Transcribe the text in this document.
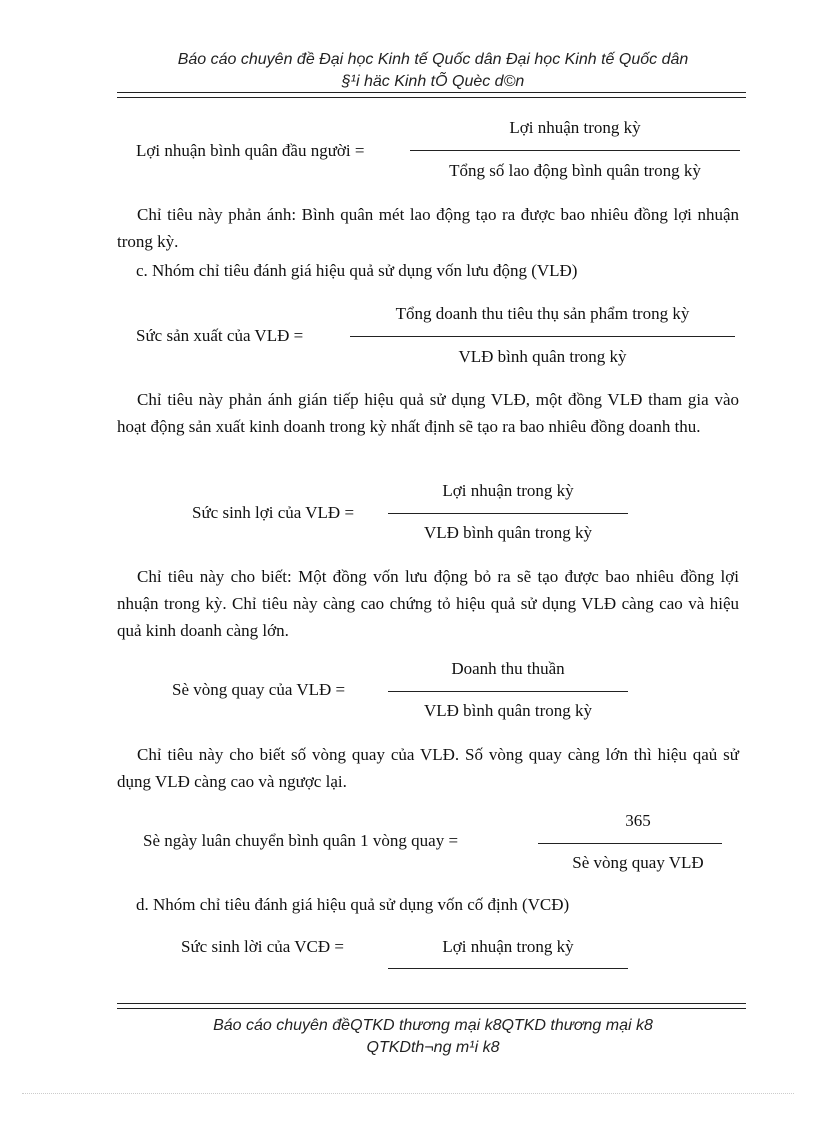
Báo cáo chuyên đề Đại học Kinh tế Quốc dân Đại học Kinh tế Quốc dân
§¹i häc Kinh tÕ Quèc d©n
Lợi nhuận bình quân đầu người =
Lợi nhuận trong kỳ
Tổng số lao động bình quân trong kỳ

Chỉ tiêu này phản ánh: Bình quân mét lao động tạo ra được bao nhiêu đồng lợi nhuận trong kỳ.

c. Nhóm chỉ tiêu đánh giá hiệu quả sử dụng vốn lưu động (VLĐ)
Sức sản xuất của VLĐ =
Tổng doanh thu tiêu thụ sản phẩm trong kỳ
VLĐ bình quân trong kỳ

Chỉ tiêu này phản ánh gián tiếp hiệu quả sử dụng VLĐ, một đồng VLĐ tham gia vào hoạt động sản xuất kinh doanh trong kỳ nhất định sẽ tạo ra bao nhiêu đồng doanh thu.

Sức sinh lợi của VLĐ =
Lợi nhuận trong kỳ
VLĐ bình quân trong kỳ

Chỉ tiêu này cho biết: Một đồng vốn lưu động bỏ ra sẽ tạo được bao nhiêu đồng lợi nhuận trong kỳ. Chỉ tiêu này càng cao chứng tỏ hiệu quả sử dụng VLĐ càng cao và hiệu quả kinh doanh càng lớn.

Sè vòng quay của VLĐ =
Doanh thu thuần
VLĐ bình quân trong kỳ

Chỉ tiêu này cho biết số vòng quay của VLĐ. Số vòng quay càng lớn thì hiệu qaủ sử dụng VLĐ càng cao và ngược lại.

Sè ngày luân chuyển bình quân 1 vòng quay =
365
Sè vòng quay VLĐ
d. Nhóm chỉ tiêu đánh giá hiệu quả sử dụng vốn cố định (VCĐ)
Sức sinh lời của VCĐ =	Lợi nhuận trong kỳ
Báo cáo chuyên đềQTKD thương mại k8QTKD thương mại k8
QTKDth¬ng m¹i k8
